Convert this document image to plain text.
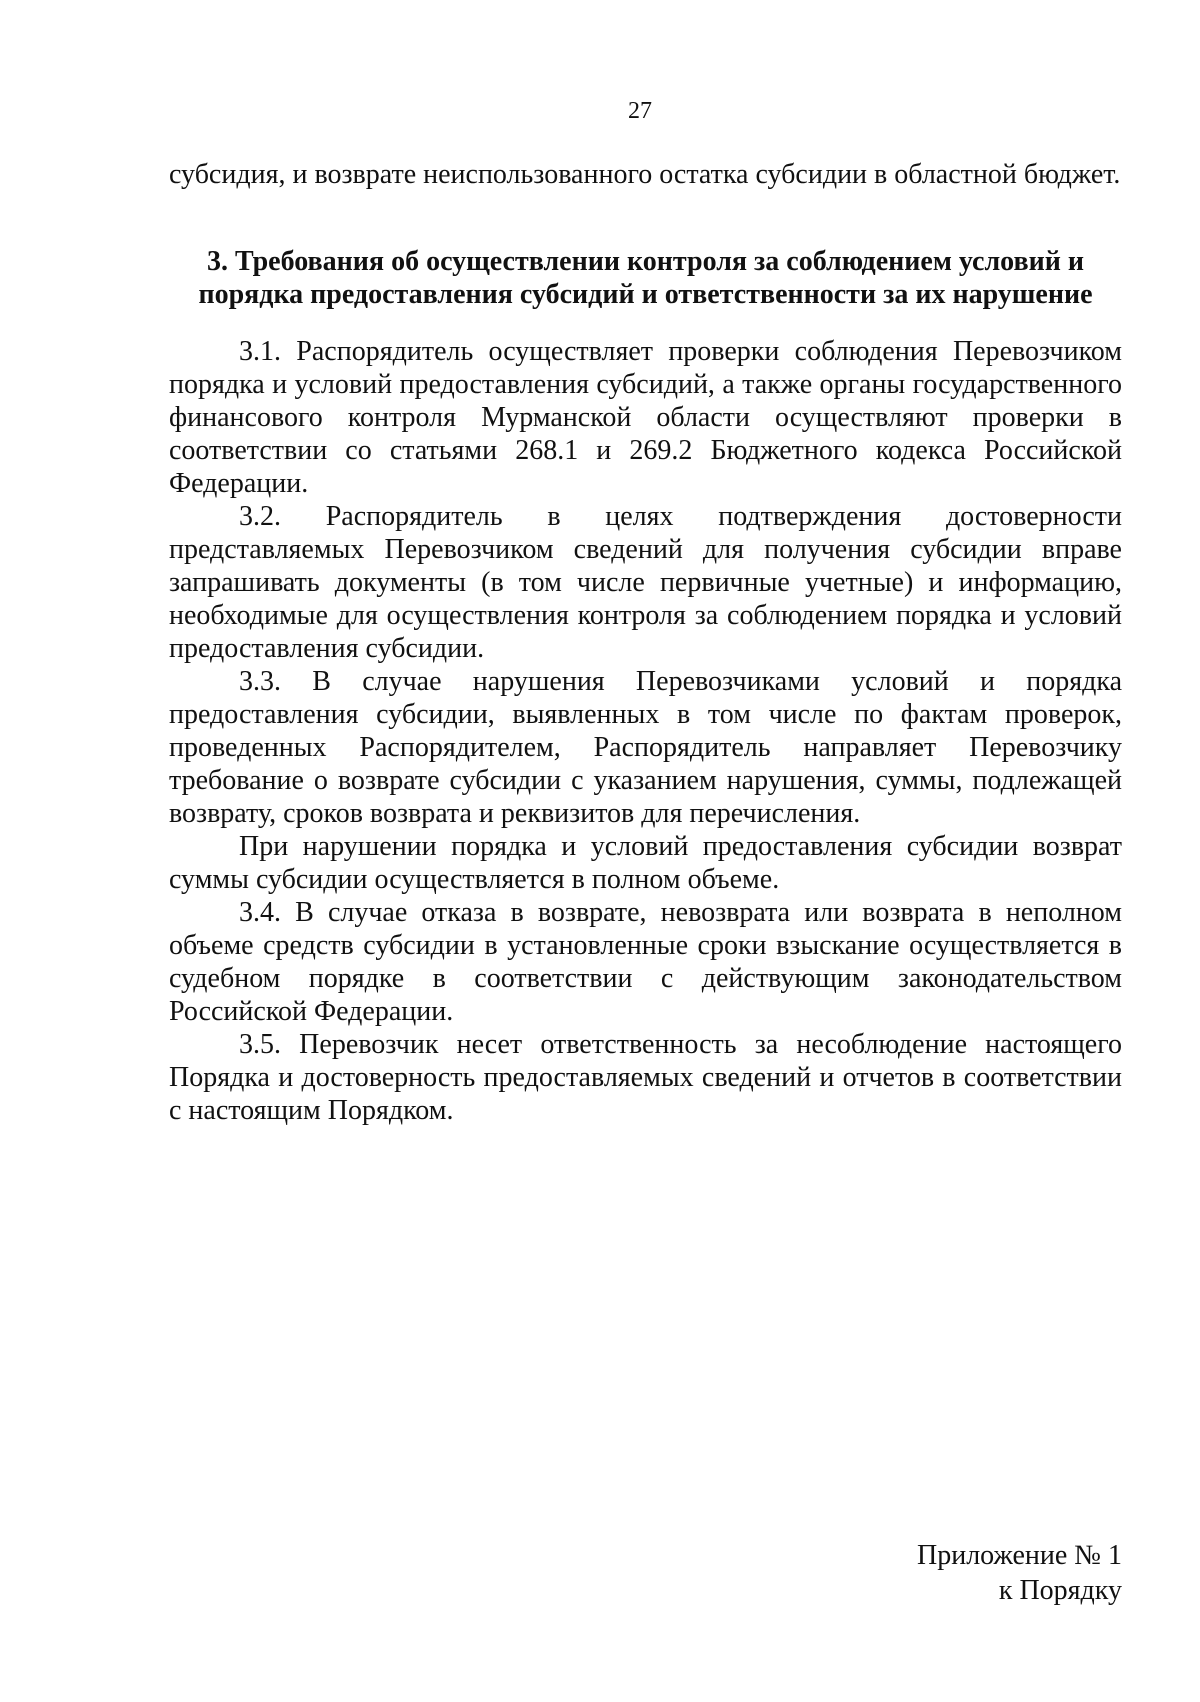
27

субсидия, и возврате неиспользованного остатка субсидии в областной бюджет.

3. Требования об осуществлении контроля за соблюдением условий и
порядка предоставления субсидий и ответственности за их нарушение

3.1. Распорядитель осуществляет проверки соблюдения Перевозчиком порядка и условий предоставления субсидий, а также органы государственного финансового контроля Мурманской области осуществляют проверки в соответствии со статьями 268.1 и 269.2 Бюджетного кодекса Российской Федерации.

3.2. Распорядитель в целях подтверждения достоверности представляемых Перевозчиком сведений для получения субсидии вправе запрашивать документы (в том числе первичные учетные) и информацию, необходимые для осуществления контроля за соблюдением порядка и условий предоставления субсидии.

3.3. В случае нарушения Перевозчиками условий и порядка предоставления субсидии, выявленных в том числе по фактам проверок, проведенных Распорядителем, Распорядитель направляет Перевозчику требование о возврате субсидии с указанием нарушения, суммы, подлежащей возврату, сроков возврата и реквизитов для перечисления.

При нарушении порядка и условий предоставления субсидии возврат суммы субсидии осуществляется в полном объеме.

3.4. В случае отказа в возврате, невозврата или возврата в неполном объеме средств субсидии в установленные сроки взыскание осуществляется в судебном порядке в соответствии с действующим законодательством Российской Федерации.

3.5. Перевозчик несет ответственность за несоблюдение настоящего Порядка и достоверность предоставляемых сведений и отчетов в соответствии с настоящим Порядком.

Приложение № 1
к Порядку
